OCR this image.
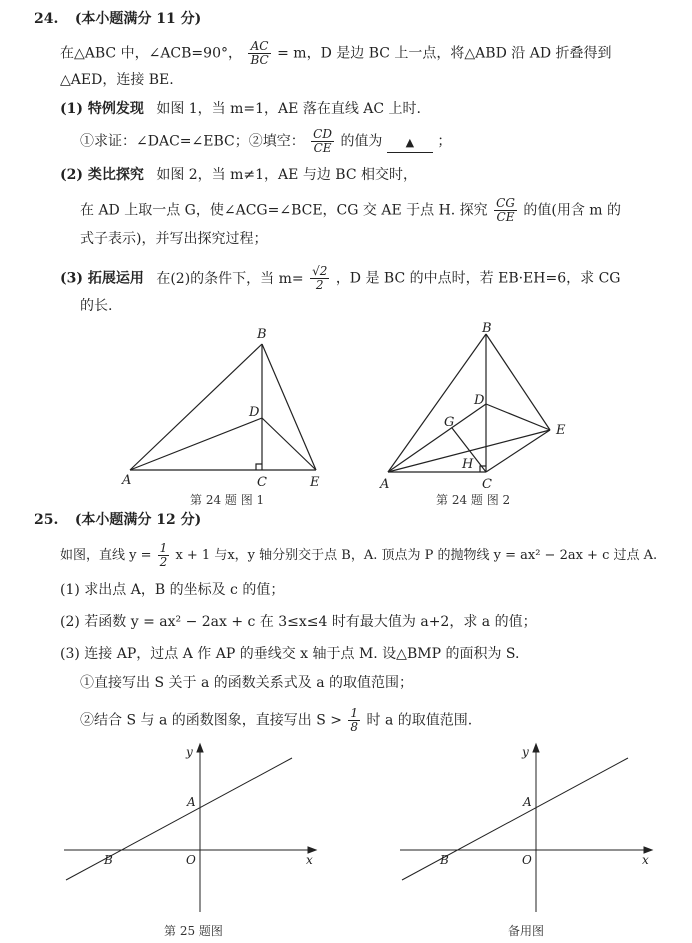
24. (本小题满分 11 分)
在△ABC 中，∠ACB=90°， $\frac{AC}{BC} = m$，D 是边 BC 上一点，将△ABD 沿 AD 折叠得到
△AED，连接 BE.
(1) 特例发现 如图 1，当 m=1，AE 落在直线 AC 上时.
①求证：∠DAC=∠EBC；②填空： $\frac{CD}{CE}$ 的值为 ▲ ；
(2) 类比探究 如图 2，当 m≠1，AE 与边 BC 相交时，
在 AD 上取一点 G，使∠ACG=∠BCE，CG 交 AE 于点 H. 探究 $\frac{CG}{CE}$ 的值(用含 m 的
式子表示)，并写出探究过程；
(3) 拓展运用 在(2)的条件下，当 $m= \frac{√2}{2}$ ，D 是 BC 的中点时，若 EB·EH=6，求 CG
的长.
A
B
C
D
E
第 24 题 图 1
A
B
C
D
E
G
H
第 24 题 图 2
25. (本小题满分 12 分)
如图，直线 $y = \frac{1}{2}$ x + 1 与x，y 轴分别交于点 B，A. 顶点为 P 的抛物线 y = ax² − 2ax + c 过点 A.
(1) 求出点 A，B 的坐标及 c 的值；
(2) 若函数 y = ax² − 2ax + c 在 3≤x≤4 时有最大值为 a+2，求 a 的值；
(3) 连接 AP，过点 A 作 AP 的垂线交 x 轴于点 M. 设△BMP 的面积为 S.
①直接写出 S 关于 a 的函数关系式及 a 的取值范围；
②结合 S 与 a 的函数图象，直接写出 $S > \frac{1}{8}$ 时 a 的取值范围.
x
y
O
A
B
第 25 题图
x
y
O
A
B
备用图
